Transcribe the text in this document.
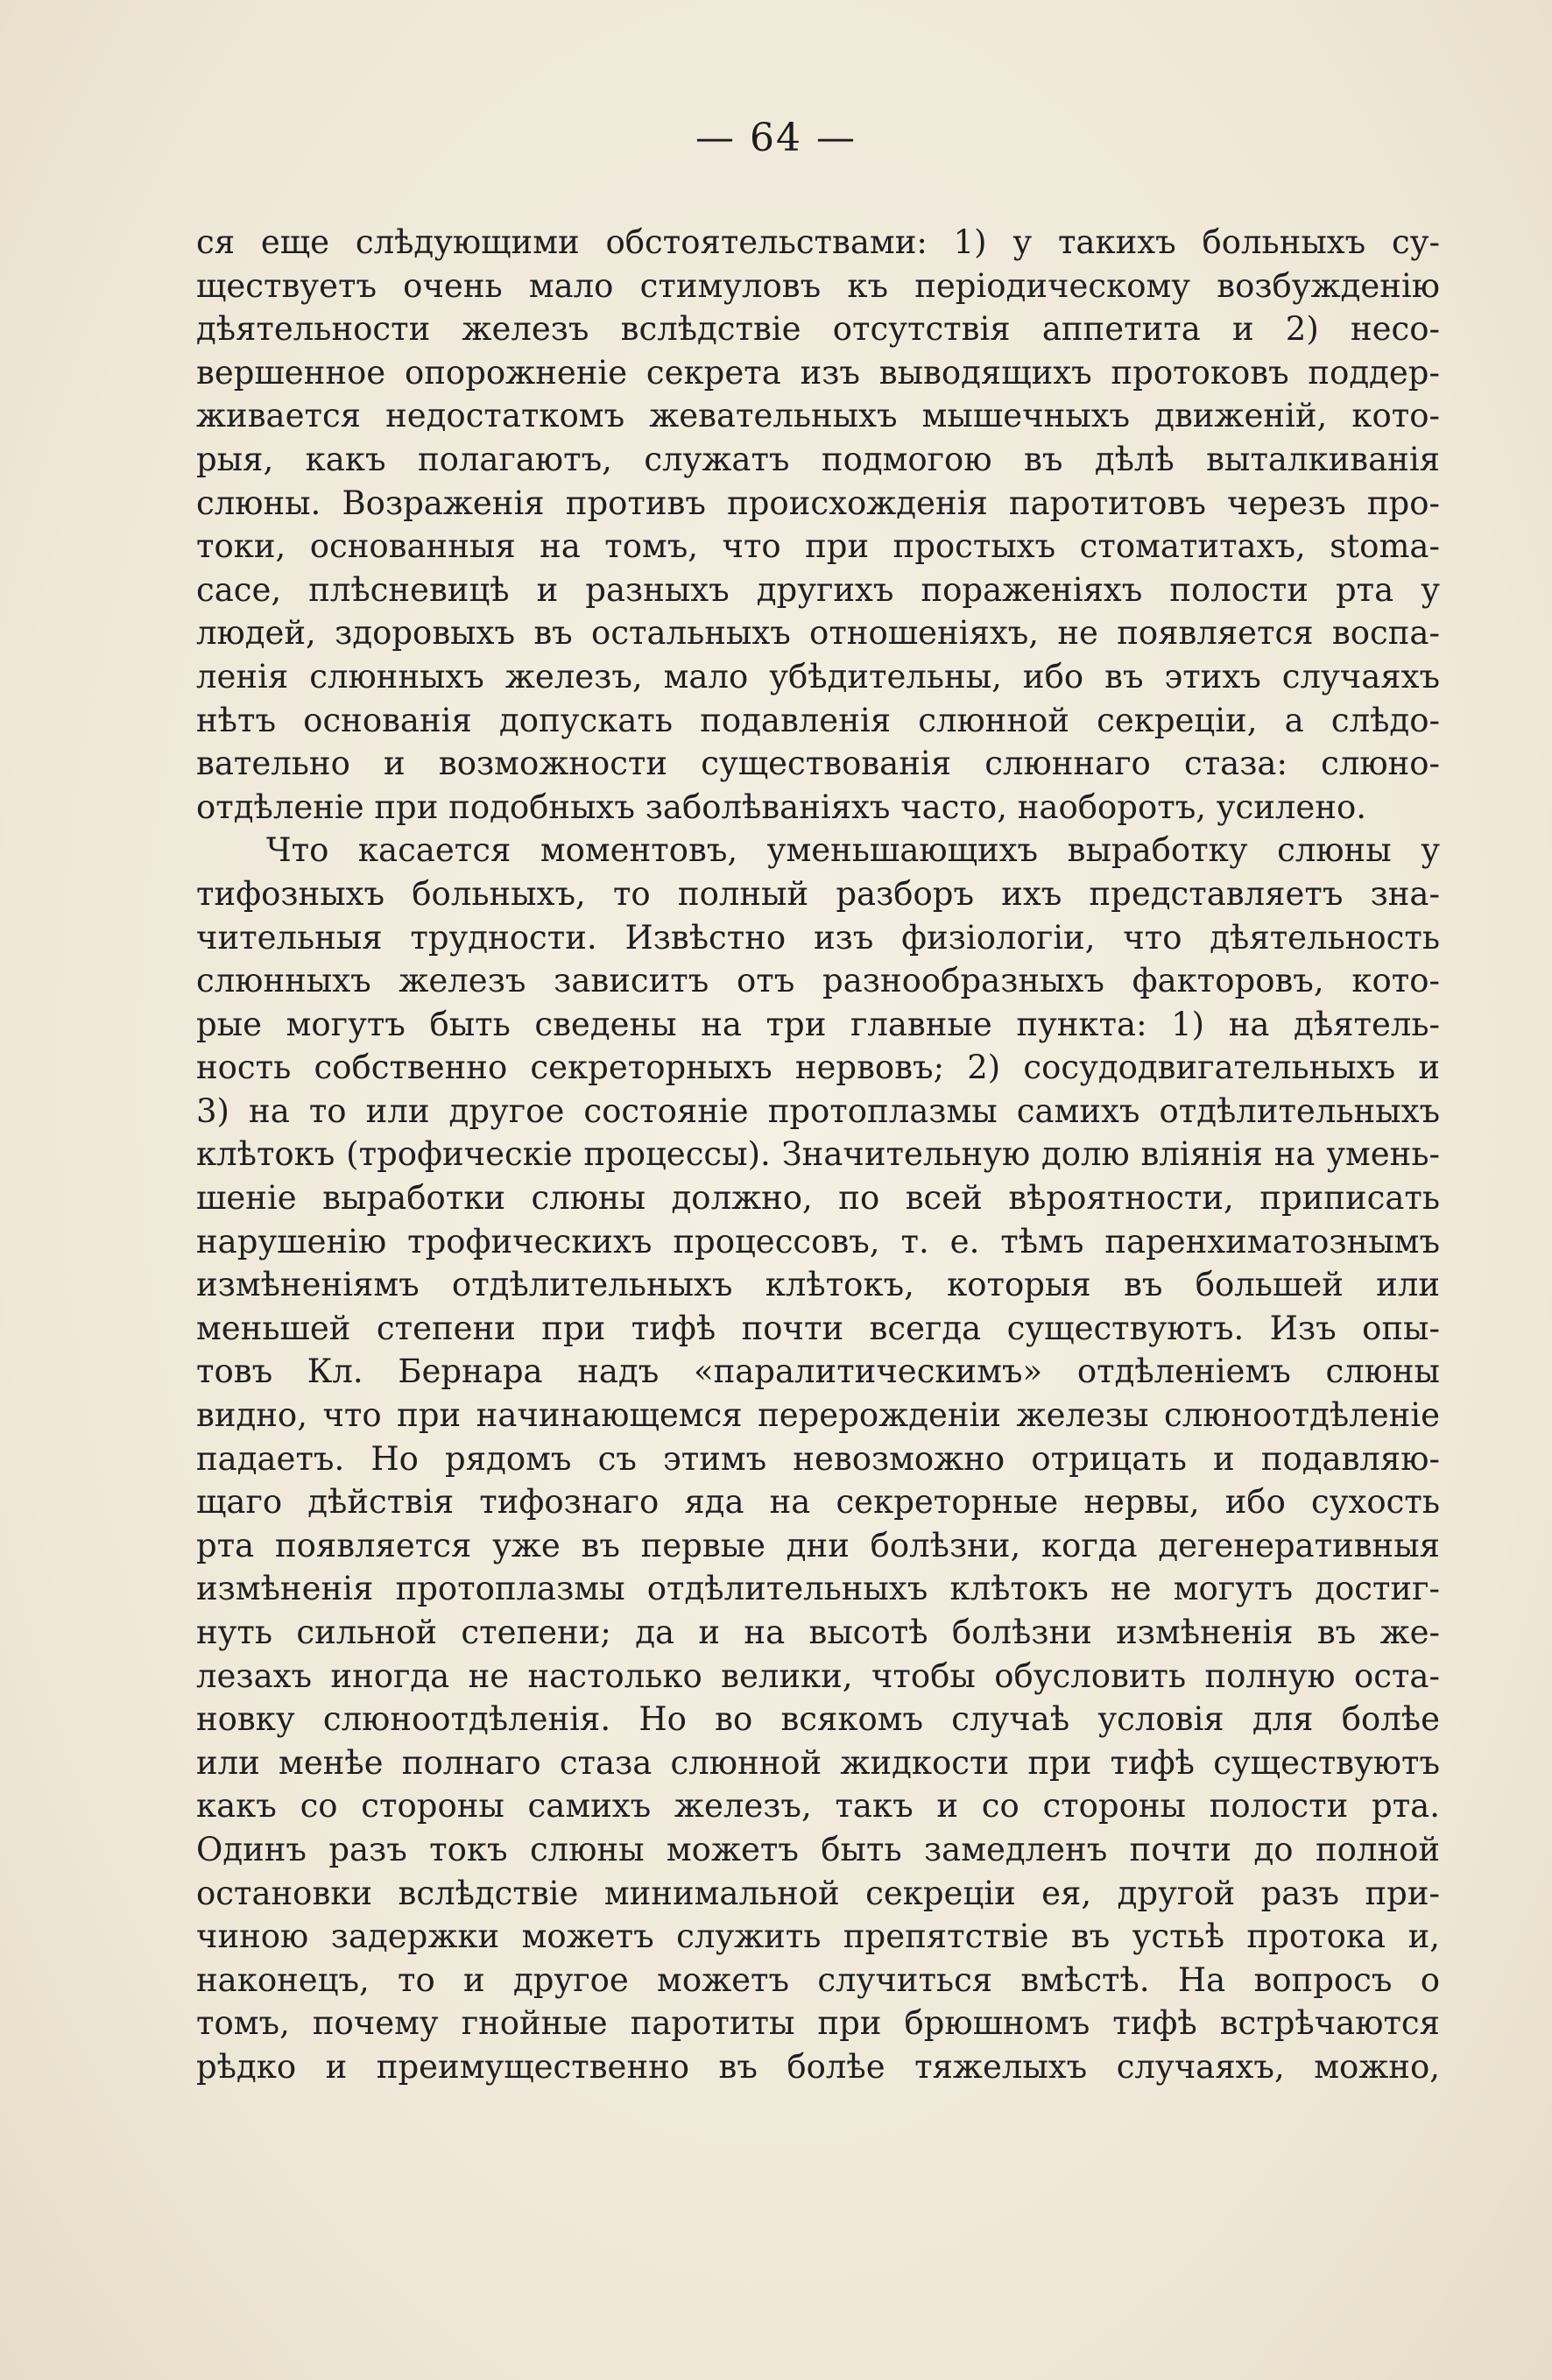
— 64 —
ся еще слѣдующими обстоятельствами: 1) у такихъ больныхъ су-
ществуетъ очень мало стимуловъ къ періодическому возбужденію
дѣятельности железъ вслѣдствіе отсутствія аппетита и 2) несо-
вершенное опорожненіе секрета изъ выводящихъ протоковъ поддер-
живается недостаткомъ жевательныхъ мышечныхъ движеній, кото-
рыя, какъ полагаютъ, служатъ подмогою въ дѣлѣ выталкиванія
слюны. Возраженія противъ происхожденія паротитовъ черезъ про-
токи, основанныя на томъ, что при простыхъ стоматитахъ, stoma-
cace, плѣсневицѣ и разныхъ другихъ пораженіяхъ полости рта у
людей, здоровыхъ въ остальныхъ отношеніяхъ, не появляется воспа-
ленія слюнныхъ железъ, мало убѣдительны, ибо въ этихъ случаяхъ
нѣтъ основанія допускать подавленія слюнной секреціи, а слѣдо-
вательно и возможности существованія слюннаго стаза: слюно-
отдѣленіе при подобныхъ заболѣваніяхъ часто, наоборотъ, усилено.
Что касается моментовъ, уменьшающихъ выработку слюны у
тифозныхъ больныхъ, то полный разборъ ихъ представляетъ зна-
чительныя трудности. Извѣстно изъ физіологіи, что дѣятельность
слюнныхъ железъ зависитъ отъ разнообразныхъ факторовъ, кото-
рые могутъ быть сведены на три главные пункта: 1) на дѣятель-
ность собственно секреторныхъ нервовъ; 2) сосудодвигательныхъ и
3) на то или другое состояніе протоплазмы самихъ отдѣлительныхъ
клѣтокъ (трофическіе процессы). Значительную долю вліянія на умень-
шеніе выработки слюны должно, по всей вѣроятности, приписать
нарушенію трофическихъ процессовъ, т. е. тѣмъ паренхиматознымъ
измѣненіямъ отдѣлительныхъ клѣтокъ, которыя въ большей или
меньшей степени при тифѣ почти всегда существуютъ. Изъ опы-
товъ Кл. Бернара надъ «паралитическимъ» отдѣленіемъ слюны
видно, что при начинающемся перерожденіи железы слюноотдѣленіе
падаетъ. Но рядомъ съ этимъ невозможно отрицать и подавляю-
щаго дѣйствія тифознаго яда на секреторные нервы, ибо сухость
рта появляется уже въ первые дни болѣзни, когда дегенеративныя
измѣненія протоплазмы отдѣлительныхъ клѣтокъ не могутъ достиг-
нуть сильной степени; да и на высотѣ болѣзни измѣненія въ же-
лезахъ иногда не настолько велики, чтобы обусловить полную оста-
новку слюноотдѣленія. Но во всякомъ случаѣ условія для болѣе
или менѣе полнаго стаза слюнной жидкости при тифѣ существуютъ
какъ со стороны самихъ железъ, такъ и со стороны полости рта.
Одинъ разъ токъ слюны можетъ быть замедленъ почти до полной
остановки вслѣдствіе минимальной секреціи ея, другой разъ при-
чиною задержки можетъ служить препятствіе въ устьѣ протока и,
наконецъ, то и другое можетъ случиться вмѣстѣ. На вопросъ о
томъ, почему гнойные паротиты при брюшномъ тифѣ встрѣчаются
рѣдко и преимущественно въ болѣе тяжелыхъ случаяхъ, можно,
